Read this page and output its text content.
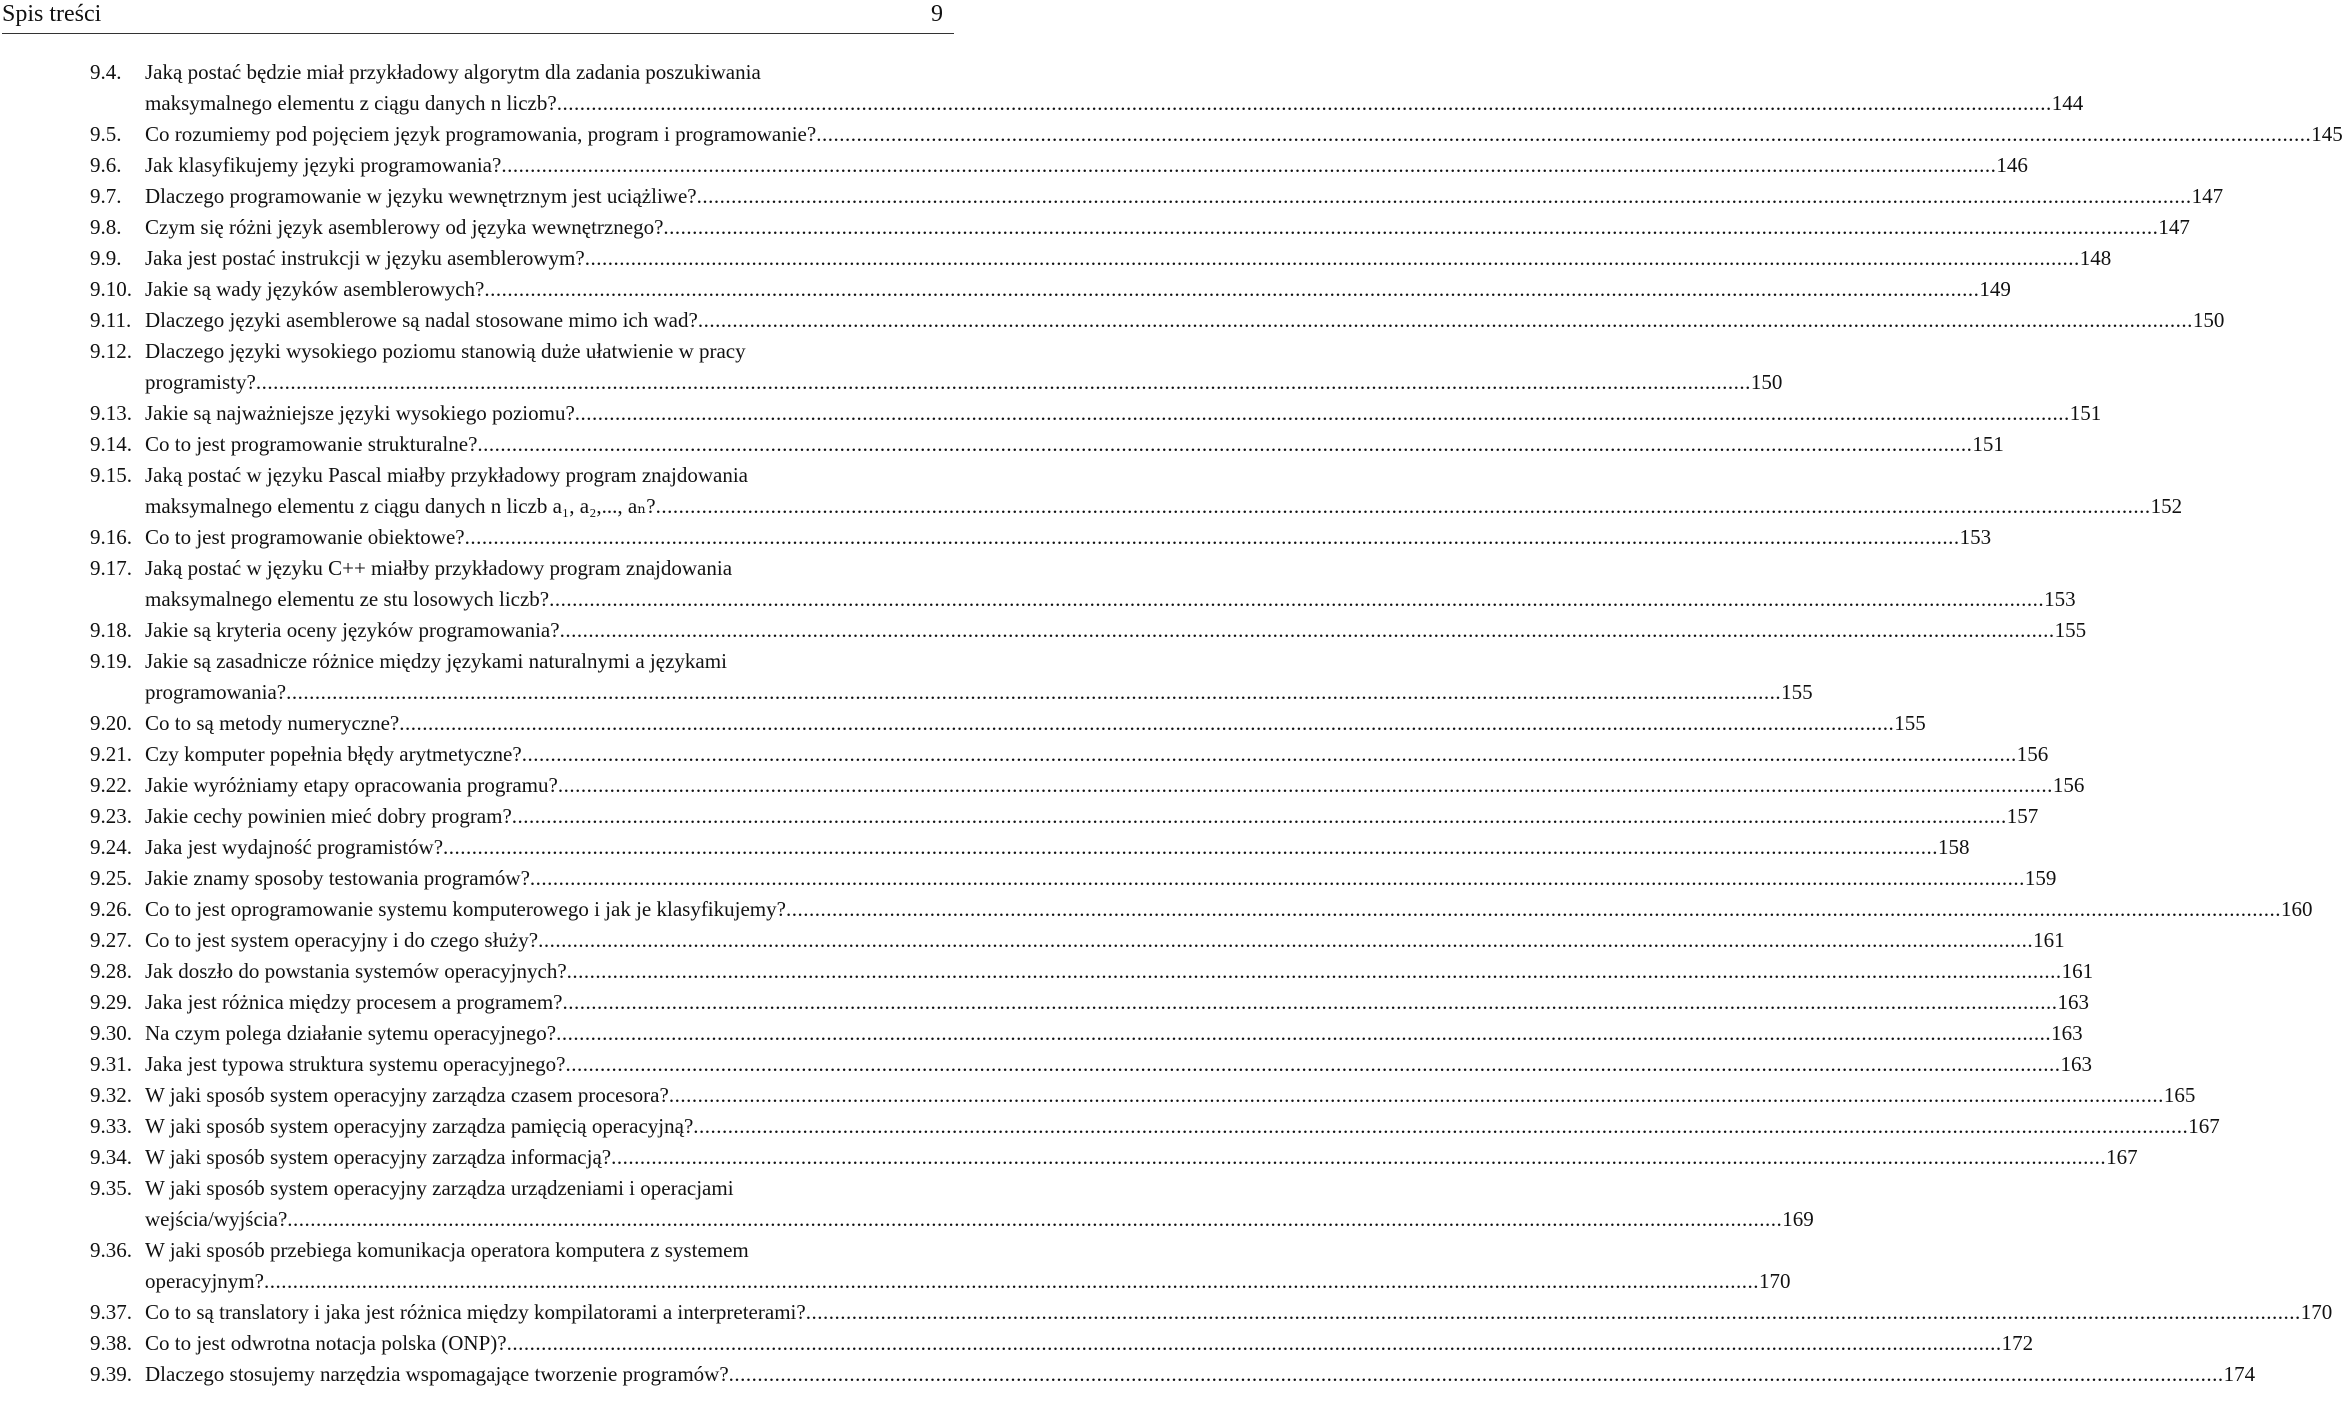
Spis treści	9
9.4.	Jaką postać będzie miał przykładowy algorytm dla zadania poszukiwania
maksymalnego elementu z ciągu danych n liczb? .....	144
9.5.	Co rozumiemy pod pojęciem język programowania, program i programowanie? .....	145
9.6.	Jak klasyfikujemy języki programowania? .....	146
9.7.	Dlaczego programowanie w języku wewnętrznym jest uciążliwe? .....	147
9.8.	Czym się różni język asemblerowy od języka wewnętrznego? .....	147
9.9.	Jaka jest postać instrukcji w języku asemblerowym? .....	148
9.10. Jakie są wady języków asemblerowych? .....	149
9.11. Dlaczego języki asemblerowe są nadal stosowane mimo ich wad? .....	150
9.12. Dlaczego języki wysokiego poziomu stanowią duże ułatwienie w pracy
programisty? .....	150
9.13. Jakie są najważniejsze języki wysokiego poziomu? .....	151
9.14. Co to jest programowanie strukturalne? .....	151
9.15. Jaką postać w języku Pascal miałby przykładowy program znajdowania
maksymalnego elementu z ciągu danych n liczb a₁, a₂,..., aₙ? .....	152
9.16. Co to jest programowanie obiektowe? .....	153
9.17. Jaką postać w języku C++ miałby przykładowy program znajdowania
maksymalnego elementu ze stu losowych liczb? .....	153
9.18. Jakie są kryteria oceny języków programowania? .....	155
9.19. Jakie są zasadnicze różnice między językami naturalnymi a językami
programowania? .....	155
9.20. Co to są metody numeryczne? .....	155
9.21. Czy komputer popełnia błędy arytmetyczne? .....	156
9.22. Jakie wyróżniamy etapy opracowania programu? .....	156
9.23. Jakie cechy powinien mieć dobry program? .....	157
9.24. Jaka jest wydajność programistów? .....	158
9.25. Jakie znamy sposoby testowania programów? .....	159
9.26. Co to jest oprogramowanie systemu komputerowego i jak je klasyfikujemy? .....	160
9.27. Co to jest system operacyjny i do czego służy? .....	161
9.28. Jak doszło do powstania systemów operacyjnych? .....	161
9.29. Jaka jest różnica między procesem a programem? .....	163
9.30. Na czym polega działanie sytemu operacyjnego? .....	163
9.31. Jaka jest typowa struktura systemu operacyjnego? .....	163
9.32. W jaki sposób system operacyjny zarządza czasem procesora? .....	165
9.33. W jaki sposób system operacyjny zarządza pamięcią operacyjną? .....	167
9.34. W jaki sposób system operacyjny zarządza informacją? .....	167
9.35. W jaki sposób system operacyjny zarządza urządzeniami i operacjami
wejścia/wyjścia? .....	169
9.36. W jaki sposób przebiega komunikacja operatora komputera z systemem
operacyjnym? .....	170
9.37. Co to są translatory i jaka jest różnica między kompilatorami a interpreterami? .....	170
9.38. Co to jest odwrotna notacja polska (ONP)? .....	172
9.39. Dlaczego stosujemy narzędzia wspomagające tworzenie programów? .....	174
